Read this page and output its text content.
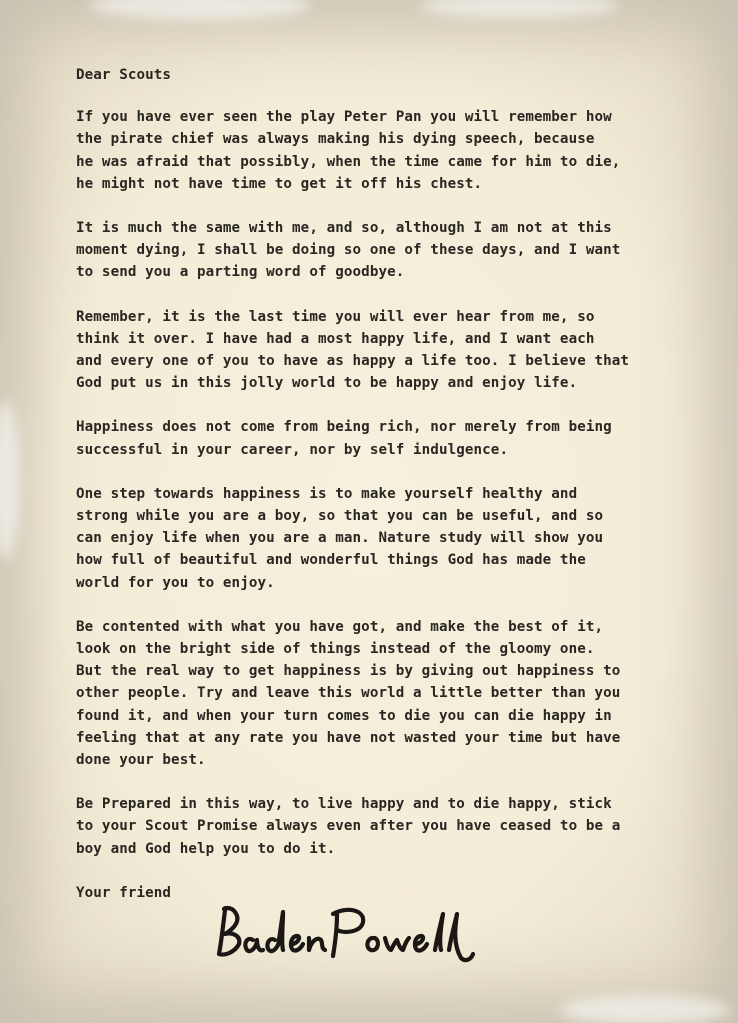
Dear Scouts

If you have ever seen the play Peter Pan you will remember how
the pirate chief was always making his dying speech, because
he was afraid that possibly, when the time came for him to die,
he might not have time to get it off his chest.

It is much the same with me, and so, although I am not at this
moment dying, I shall be doing so one of these days, and I want
to send you a parting word of goodbye.

Remember, it is the last time you will ever hear from me, so
think it over. I have had a most happy life, and I want each
and every one of you to have as happy a life too. I believe that
God put us in this jolly world to be happy and enjoy life.

Happiness does not come from being rich, nor merely from being
successful in your career, nor by self indulgence.

One step towards happiness is to make yourself healthy and
strong while you are a boy, so that you can be useful, and so
can enjoy life when you are a man. Nature study will show you
how full of beautiful and wonderful things God has made the
world for you to enjoy.

Be contented with what you have got, and make the best of it,
look on the bright side of things instead of the gloomy one.
But the real way to get happiness is by giving out happiness to
other people. Try and leave this world a little better than you
found it, and when your turn comes to die you can die happy in
feeling that at any rate you have not wasted your time but have
done your best.

Be Prepared in this way, to live happy and to die happy, stick
to your Scout Promise always even after you have ceased to be a
boy and God help you to do it.

Your friend
